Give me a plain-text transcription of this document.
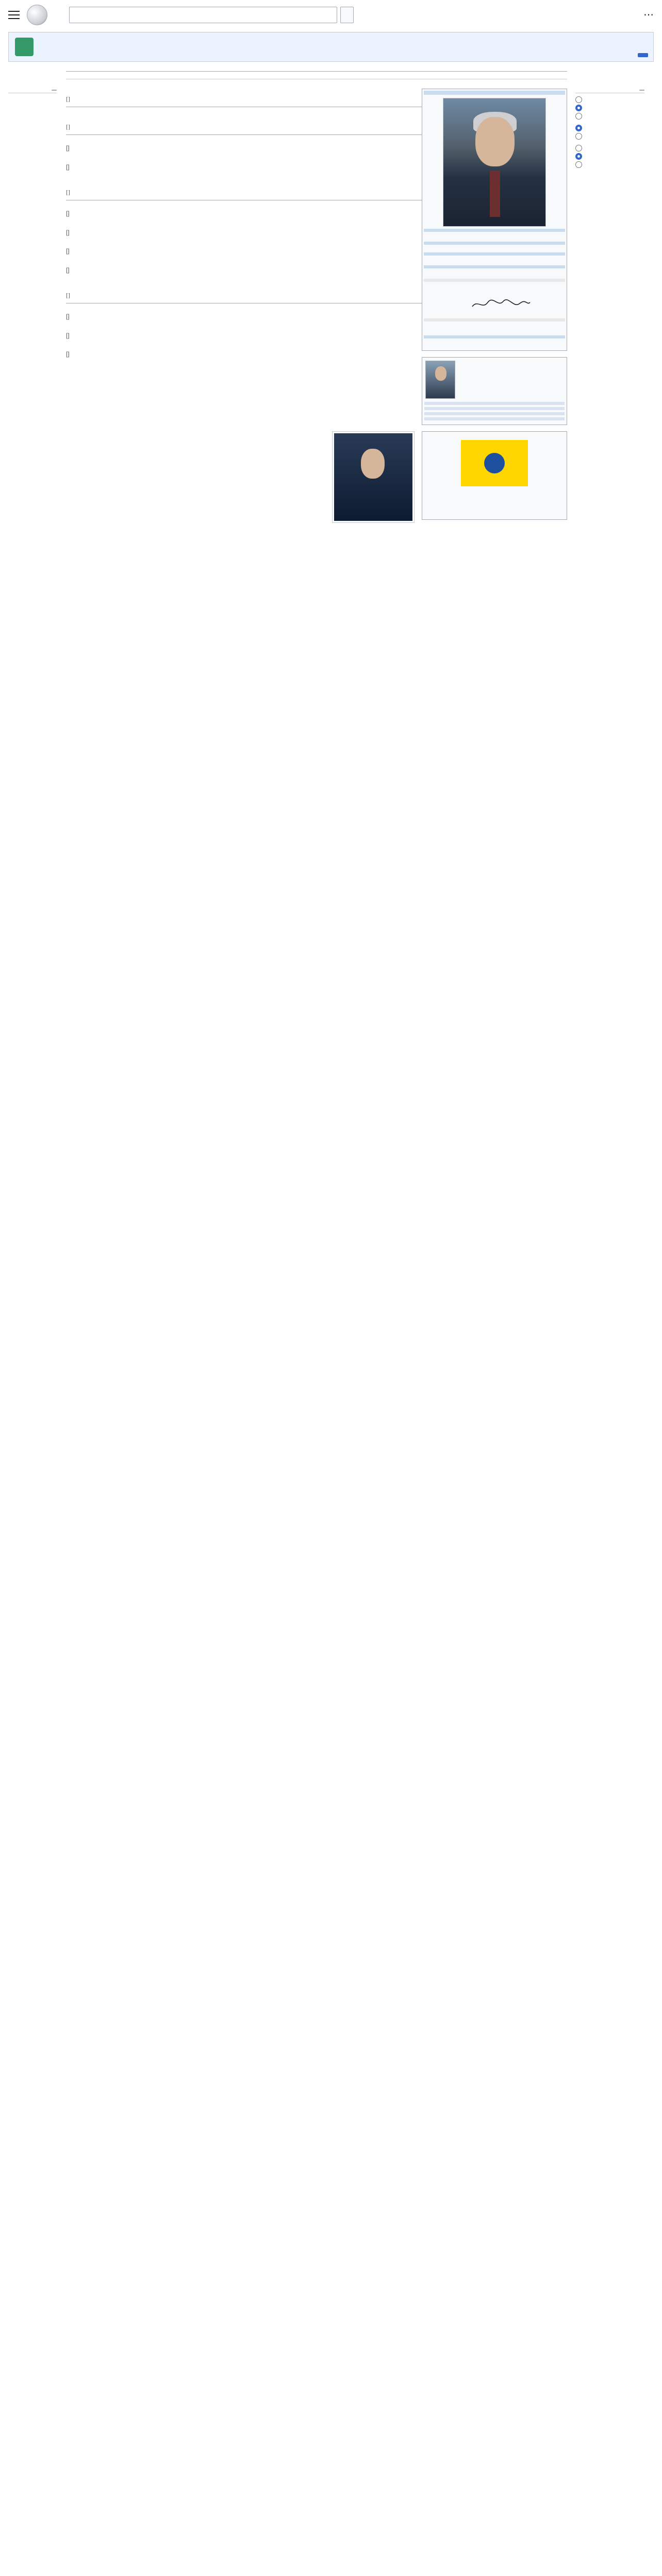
⋯

[]

[]
[]

[]

[]
[]

[]

[]

[]

[]
[]

[]
[]
